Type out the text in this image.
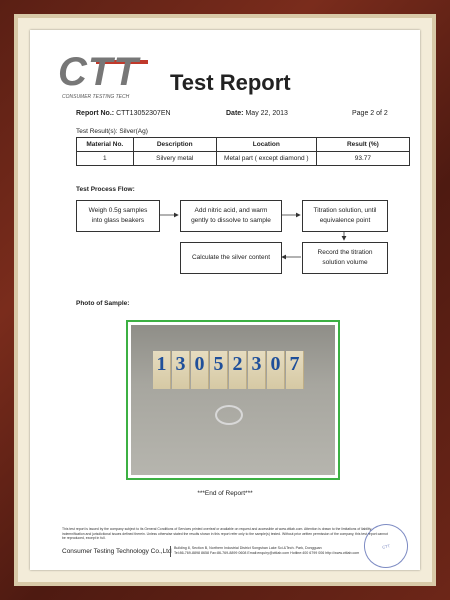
CTT
CONSUMER TESTING TECH
Test Report
Report No.: CTT13052307EN	Date: May 22, 2013	Page 2 of 2
Test Result(s): Silver(Ag)
Material No.	Description	Location	Result (%)
1	Silvery metal	Metal part ( except diamond )	93.77
Test Process Flow:
Weigh 0.5g samples
into glass beakers
Add nitric acid, and warm
gently to dissolve to sample
Titration solution, until
equivalence point
Record the titration
solution volume
Calculate the silver content
Photo of Sample:
1 3 0 5 2 3 0 7
***End of Report***
This test report is issued by the company subject to its General Conditions of Services printed overleaf or available on request and accessible at www.cttlab.com. Attention is drawn to the limitations of liability, indemnification and jurisdictional issues defined therein. Unless otherwise stated the results shown in this report refer only to the sample(s) tested. Without prior written permission of the company, this test report cannot be reproduced, except in full.
Consumer Testing Technology Co.,Ltd Building 8, Section B, Northern Industrial District Songshan Lake Sci.&Tech. Park, Dongguan
Tel:86-769-8898 8658 Fax:86-769-8899 0608 Email:enquiry@cttlab.com Hotline:400 6799 006 http://www.cttlab.com
CTT
